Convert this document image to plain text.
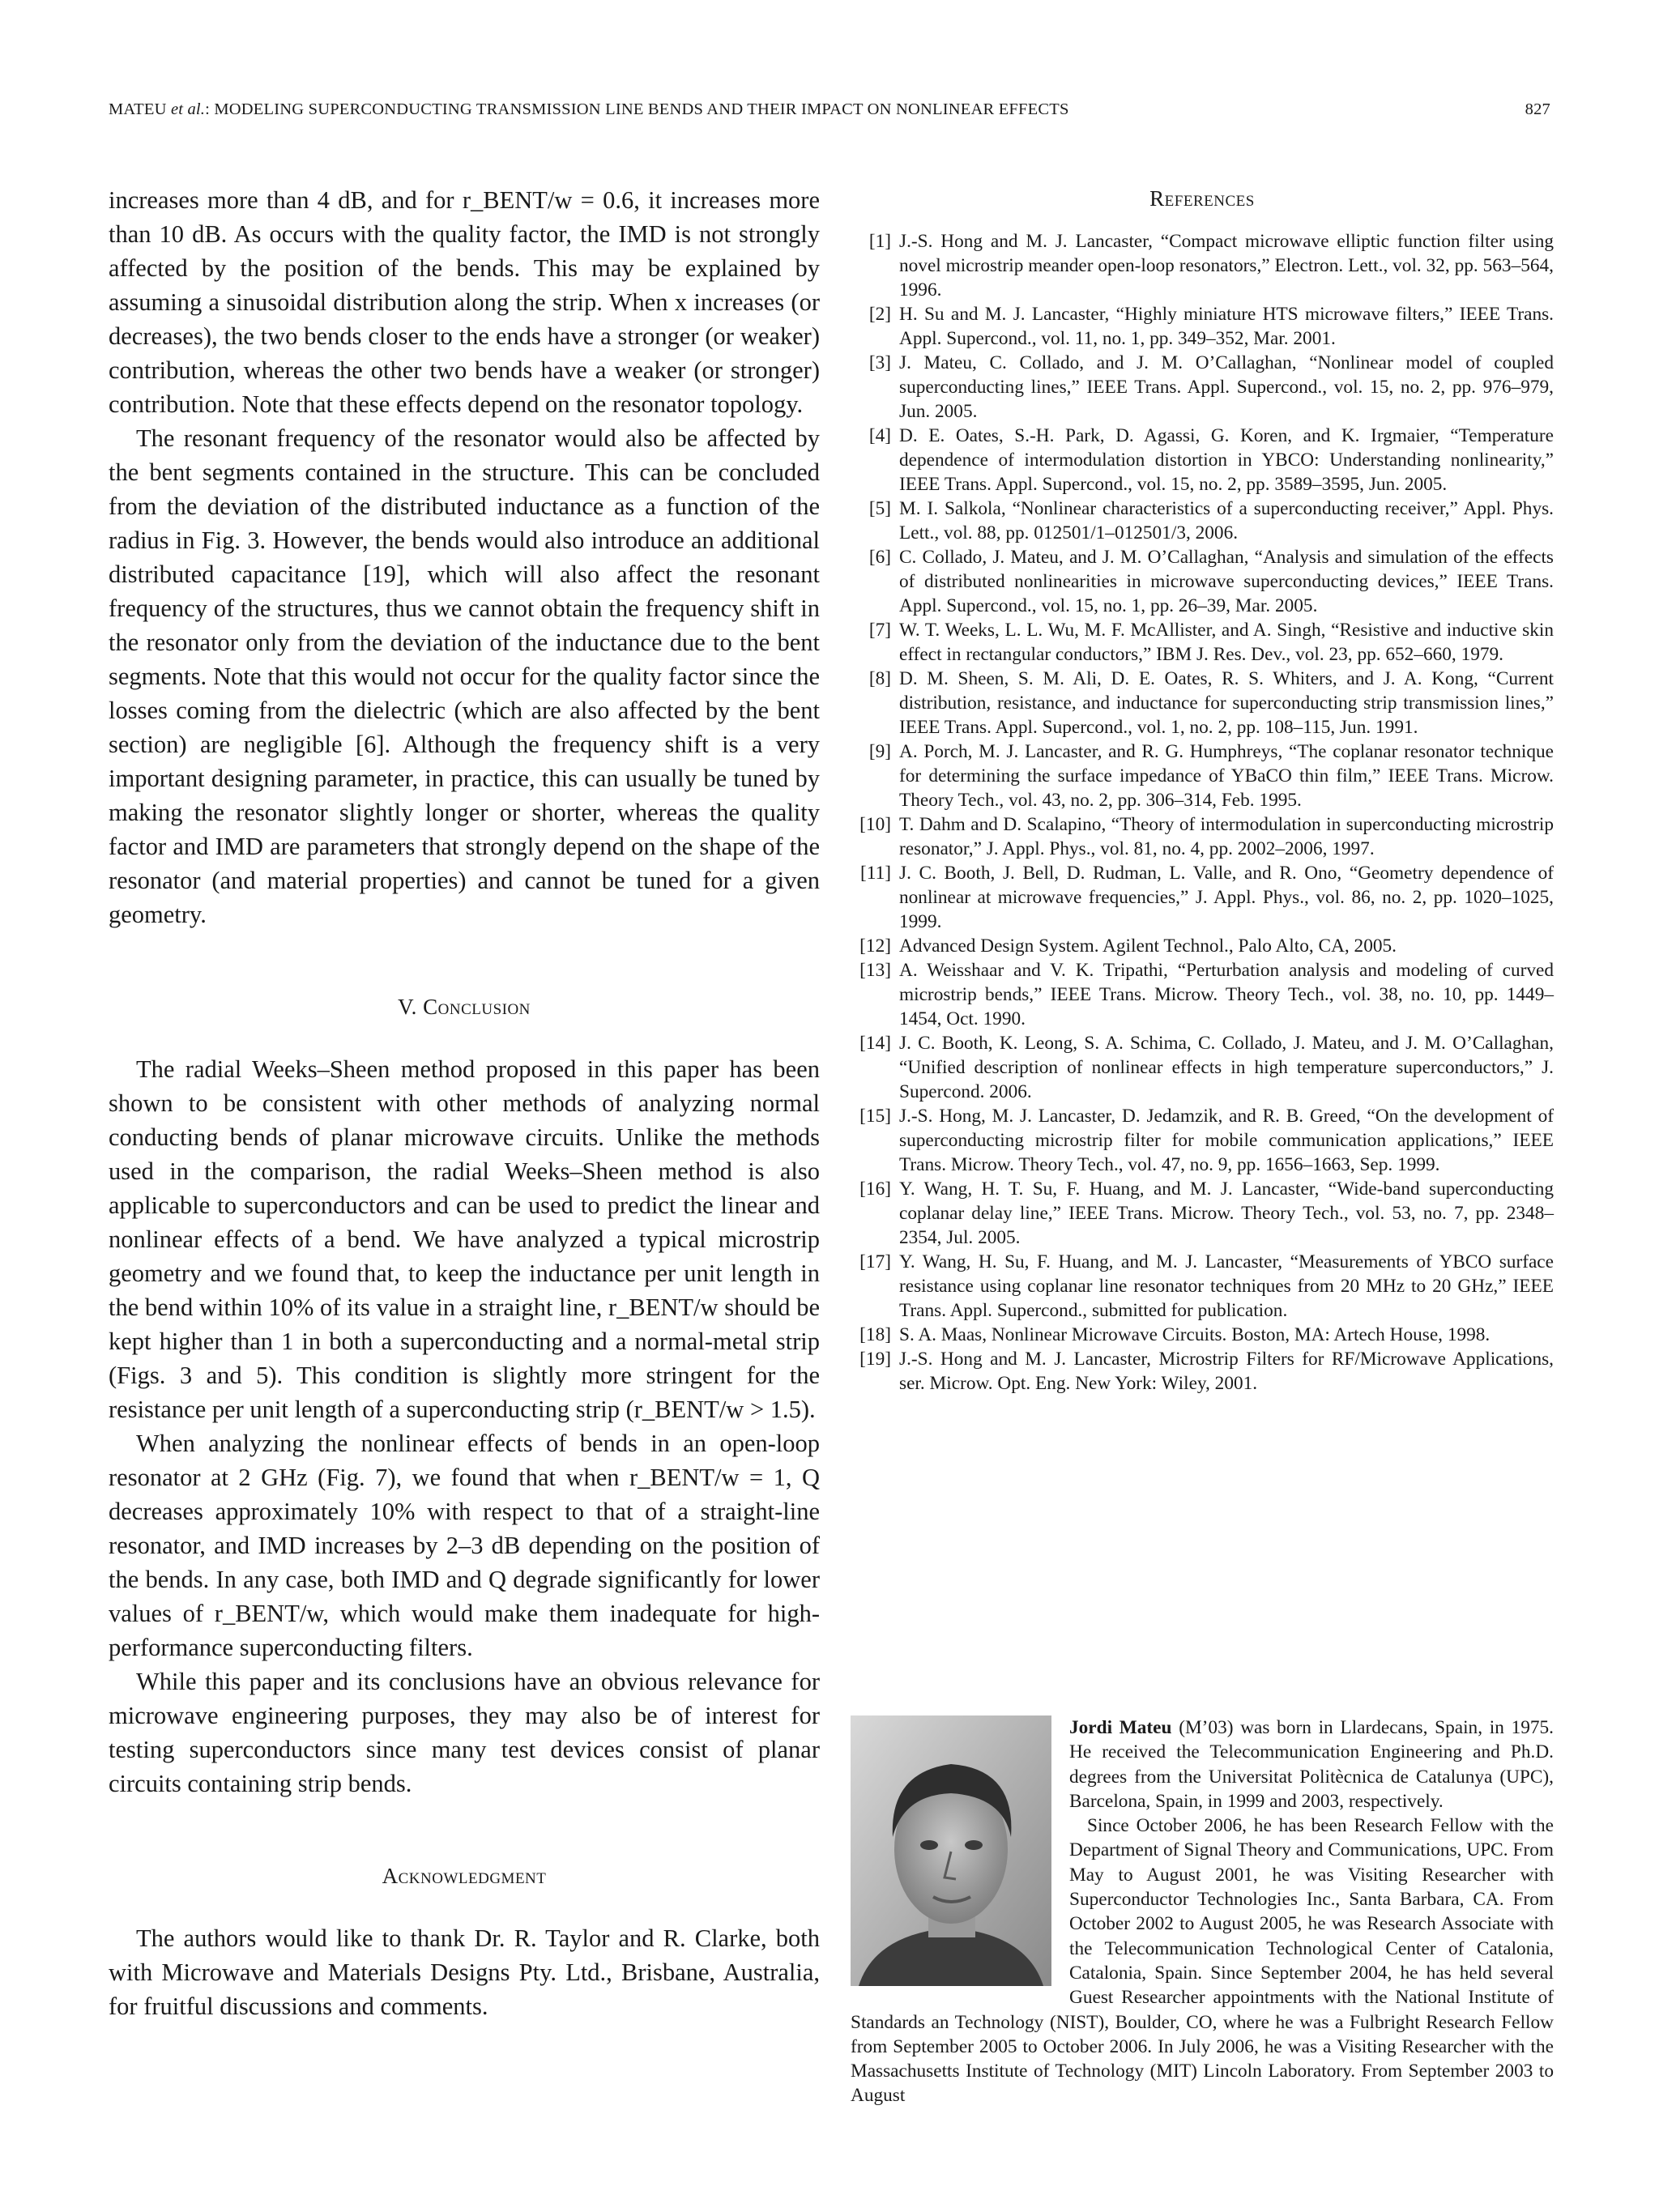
MATEU et al.: MODELING SUPERCONDUCTING TRANSMISSION LINE BENDS AND THEIR IMPACT ON NONLINEAR EFFECTS	827

increases more than 4 dB, and for r_BENT/w = 0.6, it increases more than 10 dB. As occurs with the quality factor, the IMD is not strongly affected by the position of the bends. This may be explained by assuming a sinusoidal distribution along the strip. When x increases (or decreases), the two bends closer to the ends have a stronger (or weaker) contribution, whereas the other two bends have a weaker (or stronger) contribution. Note that these effects depend on the resonator topology.

The resonant frequency of the resonator would also be affected by the bent segments contained in the structure. This can be concluded from the deviation of the distributed inductance as a function of the radius in Fig. 3. However, the bends would also introduce an additional distributed capacitance [19], which will also affect the resonant frequency of the structures, thus we cannot obtain the frequency shift in the resonator only from the deviation of the inductance due to the bent segments. Note that this would not occur for the quality factor since the losses coming from the dielectric (which are also affected by the bent section) are negligible [6]. Although the frequency shift is a very important designing parameter, in practice, this can usually be tuned by making the resonator slightly longer or shorter, whereas the quality factor and IMD are parameters that strongly depend on the shape of the resonator (and material properties) and cannot be tuned for a given geometry.

V. Conclusion

The radial Weeks–Sheen method proposed in this paper has been shown to be consistent with other methods of analyzing normal conducting bends of planar microwave circuits. Unlike the methods used in the comparison, the radial Weeks–Sheen method is also applicable to superconductors and can be used to predict the linear and nonlinear effects of a bend. We have analyzed a typical microstrip geometry and we found that, to keep the inductance per unit length in the bend within 10% of its value in a straight line, r_BENT/w should be kept higher than 1 in both a superconducting and a normal-metal strip (Figs. 3 and 5). This condition is slightly more stringent for the resistance per unit length of a superconducting strip (r_BENT/w > 1.5).

When analyzing the nonlinear effects of bends in an open-loop resonator at 2 GHz (Fig. 7), we found that when r_BENT/w = 1, Q decreases approximately 10% with respect to that of a straight-line resonator, and IMD increases by 2–3 dB depending on the position of the bends. In any case, both IMD and Q degrade significantly for lower values of r_BENT/w, which would make them inadequate for high-performance superconducting filters.

While this paper and its conclusions have an obvious relevance for microwave engineering purposes, they may also be of interest for testing superconductors since many test devices consist of planar circuits containing strip bends.

Acknowledgment

The authors would like to thank Dr. R. Taylor and R. Clarke, both with Microwave and Materials Designs Pty. Ltd., Brisbane, Australia, for fruitful discussions and comments.

References
[1] J.-S. Hong and M. J. Lancaster, “Compact microwave elliptic function filter using novel microstrip meander open-loop resonators,” Electron. Lett., vol. 32, pp. 563–564, 1996.
[2] H. Su and M. J. Lancaster, “Highly miniature HTS microwave filters,” IEEE Trans. Appl. Supercond., vol. 11, no. 1, pp. 349–352, Mar. 2001.
[3] J. Mateu, C. Collado, and J. M. O’Callaghan, “Nonlinear model of coupled superconducting lines,” IEEE Trans. Appl. Supercond., vol. 15, no. 2, pp. 976–979, Jun. 2005.
[4] D. E. Oates, S.-H. Park, D. Agassi, G. Koren, and K. Irgmaier, “Temperature dependence of intermodulation distortion in YBCO: Understanding nonlinearity,” IEEE Trans. Appl. Supercond., vol. 15, no. 2, pp. 3589–3595, Jun. 2005.
[5] M. I. Salkola, “Nonlinear characteristics of a superconducting receiver,” Appl. Phys. Lett., vol. 88, pp. 012501/1–012501/3, 2006.
[6] C. Collado, J. Mateu, and J. M. O’Callaghan, “Analysis and simulation of the effects of distributed nonlinearities in microwave superconducting devices,” IEEE Trans. Appl. Supercond., vol. 15, no. 1, pp. 26–39, Mar. 2005.
[7] W. T. Weeks, L. L. Wu, M. F. McAllister, and A. Singh, “Resistive and inductive skin effect in rectangular conductors,” IBM J. Res. Dev., vol. 23, pp. 652–660, 1979.
[8] D. M. Sheen, S. M. Ali, D. E. Oates, R. S. Whiters, and J. A. Kong, “Current distribution, resistance, and inductance for superconducting strip transmission lines,” IEEE Trans. Appl. Supercond., vol. 1, no. 2, pp. 108–115, Jun. 1991.
[9] A. Porch, M. J. Lancaster, and R. G. Humphreys, “The coplanar resonator technique for determining the surface impedance of YBaCO thin film,” IEEE Trans. Microw. Theory Tech., vol. 43, no. 2, pp. 306–314, Feb. 1995.
[10] T. Dahm and D. Scalapino, “Theory of intermodulation in superconducting microstrip resonator,” J. Appl. Phys., vol. 81, no. 4, pp. 2002–2006, 1997.
[11] J. C. Booth, J. Bell, D. Rudman, L. Valle, and R. Ono, “Geometry dependence of nonlinear at microwave frequencies,” J. Appl. Phys., vol. 86, no. 2, pp. 1020–1025, 1999.
[12] Advanced Design System. Agilent Technol., Palo Alto, CA, 2005.
[13] A. Weisshaar and V. K. Tripathi, “Perturbation analysis and modeling of curved microstrip bends,” IEEE Trans. Microw. Theory Tech., vol. 38, no. 10, pp. 1449–1454, Oct. 1990.
[14] J. C. Booth, K. Leong, S. A. Schima, C. Collado, J. Mateu, and J. M. O’Callaghan, “Unified description of nonlinear effects in high temperature superconductors,” J. Supercond. 2006.
[15] J.-S. Hong, M. J. Lancaster, D. Jedamzik, and R. B. Greed, “On the development of superconducting microstrip filter for mobile communication applications,” IEEE Trans. Microw. Theory Tech., vol. 47, no. 9, pp. 1656–1663, Sep. 1999.
[16] Y. Wang, H. T. Su, F. Huang, and M. J. Lancaster, “Wide-band superconducting coplanar delay line,” IEEE Trans. Microw. Theory Tech., vol. 53, no. 7, pp. 2348–2354, Jul. 2005.
[17] Y. Wang, H. Su, F. Huang, and M. J. Lancaster, “Measurements of YBCO surface resistance using coplanar line resonator techniques from 20 MHz to 20 GHz,” IEEE Trans. Appl. Supercond., submitted for publication.
[18] S. A. Maas, Nonlinear Microwave Circuits. Boston, MA: Artech House, 1998.
[19] J.-S. Hong and M. J. Lancaster, Microstrip Filters for RF/Microwave Applications, ser. Microw. Opt. Eng. New York: Wiley, 2001.

Jordi Mateu (M’03) was born in Llardecans, Spain, in 1975. He received the Telecommunication Engineering and Ph.D. degrees from the Universitat Politècnica de Catalunya (UPC), Barcelona, Spain, in 1999 and 2003, respectively.

Since October 2006, he has been Research Fellow with the Department of Signal Theory and Communications, UPC. From May to August 2001, he was Visiting Researcher with Superconductor Technologies Inc., Santa Barbara, CA. From October 2002 to August 2005, he was Research Associate with the Telecommunication Technological Center of Catalonia, Catalonia, Spain. Since September 2004, he has held several Guest Researcher appointments with the National Institute of Standards an Technology (NIST), Boulder, CO, where he was a Fulbright Research Fellow from September 2005 to October 2006. In July 2006, he was a Visiting Researcher with the Massachusetts Institute of Technology (MIT) Lincoln Laboratory. From September 2003 to August
